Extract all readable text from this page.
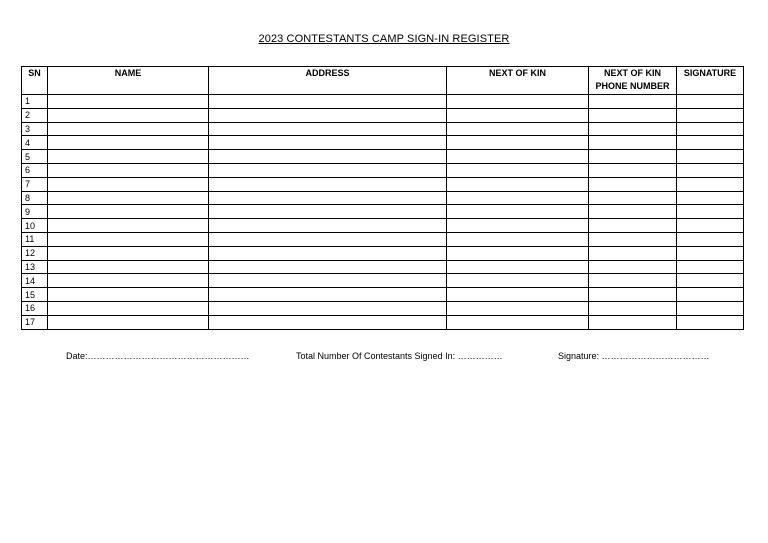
2023 CONTESTANTS CAMP SIGN-IN REGISTER
SN	NAME	ADDRESS	NEXT OF KIN	NEXT OF KIN PHONE NUMBER	SIGNATURE
1					
2					
3					
4					
5					
6					
7					
8					
9					
10					
11					
12					
13					
14					
15					
16					
17					
Date:………………………………………………	Total Number Of Contestants Signed In: ……………	Signature: ………………………………
